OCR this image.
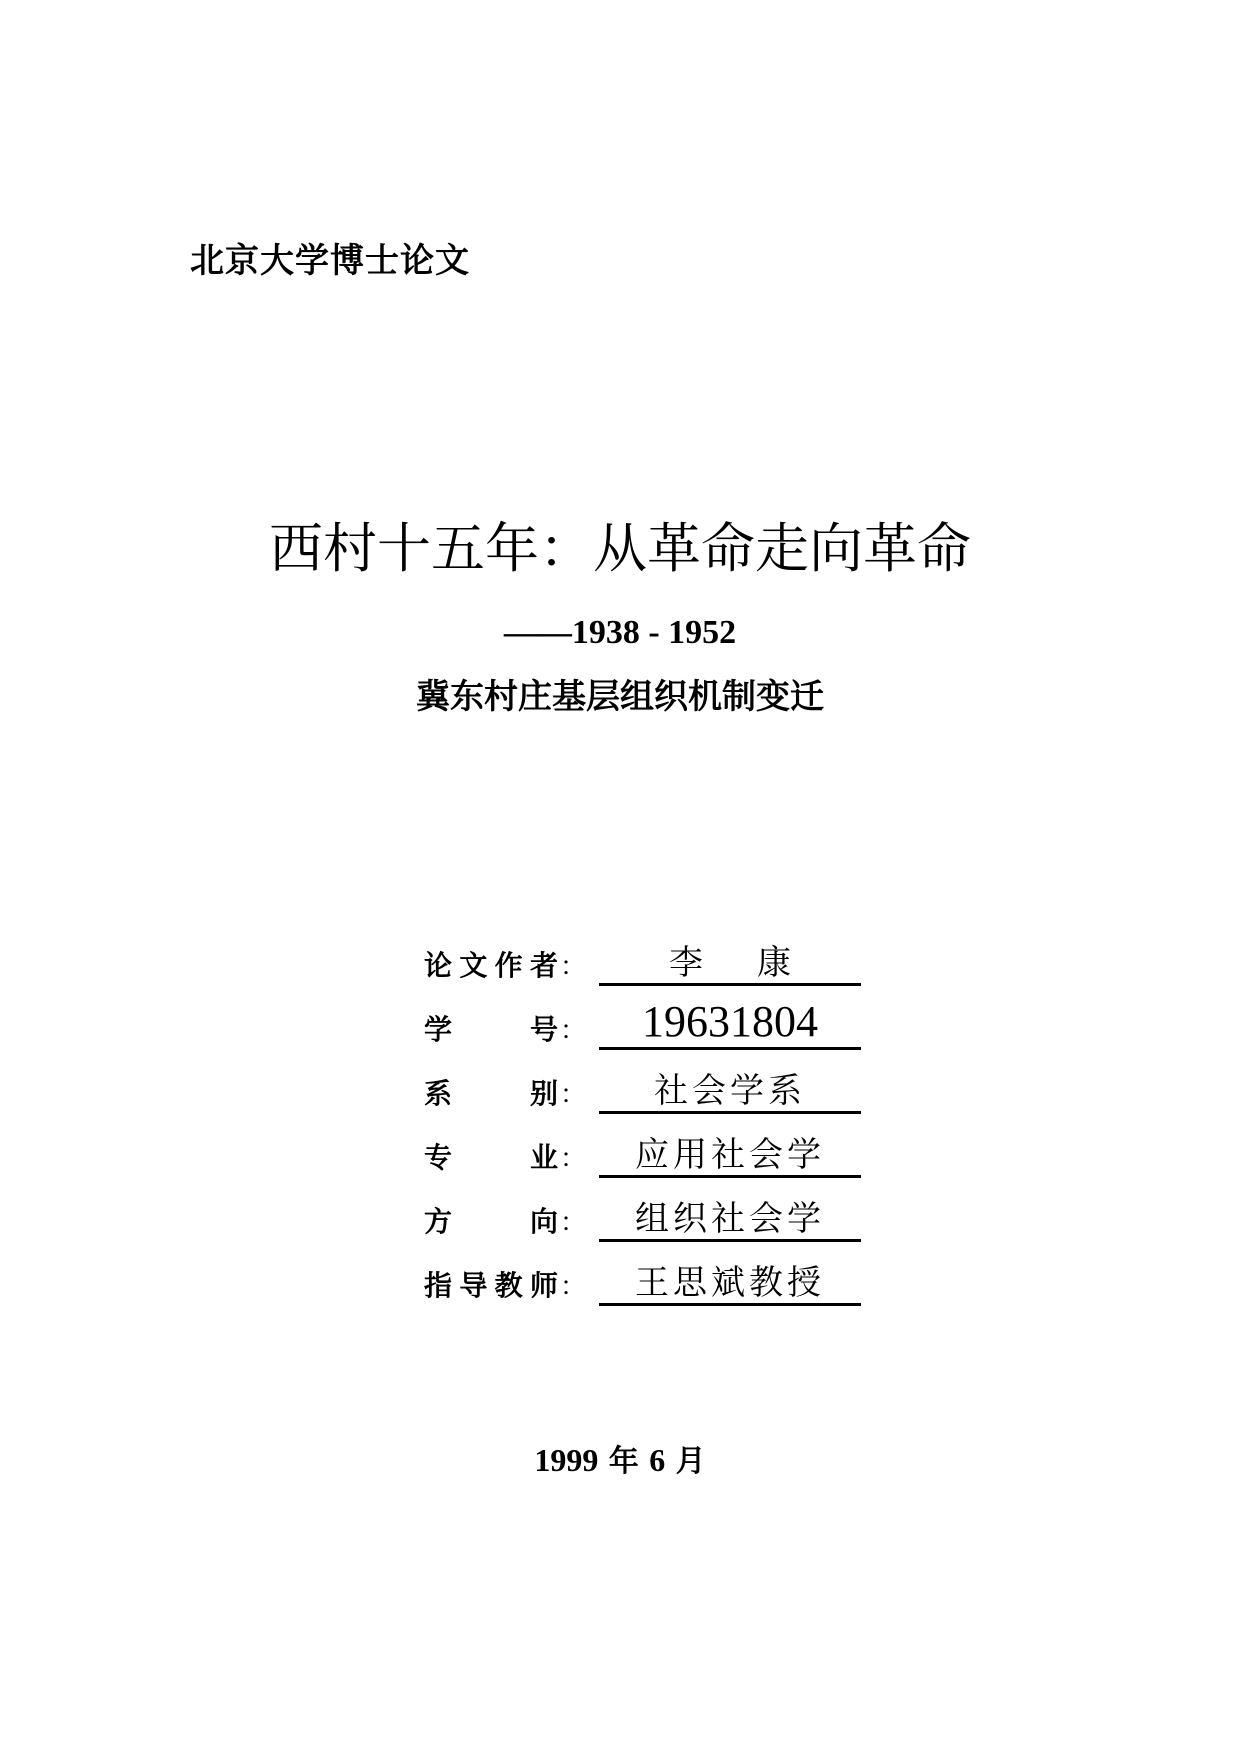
北京大学博士论文
西村十五年：从革命走向革命
——1938 - 1952
冀东村庄基层组织机制变迁
论 文 作 者 ：	李康
学	号 ：	19631804
系	别 ：	社会学系
专	业 ：	应用社会学
方	向 ：	组织社会学
指 导 教 师 ：	王思斌教授
1999 年 6 月
